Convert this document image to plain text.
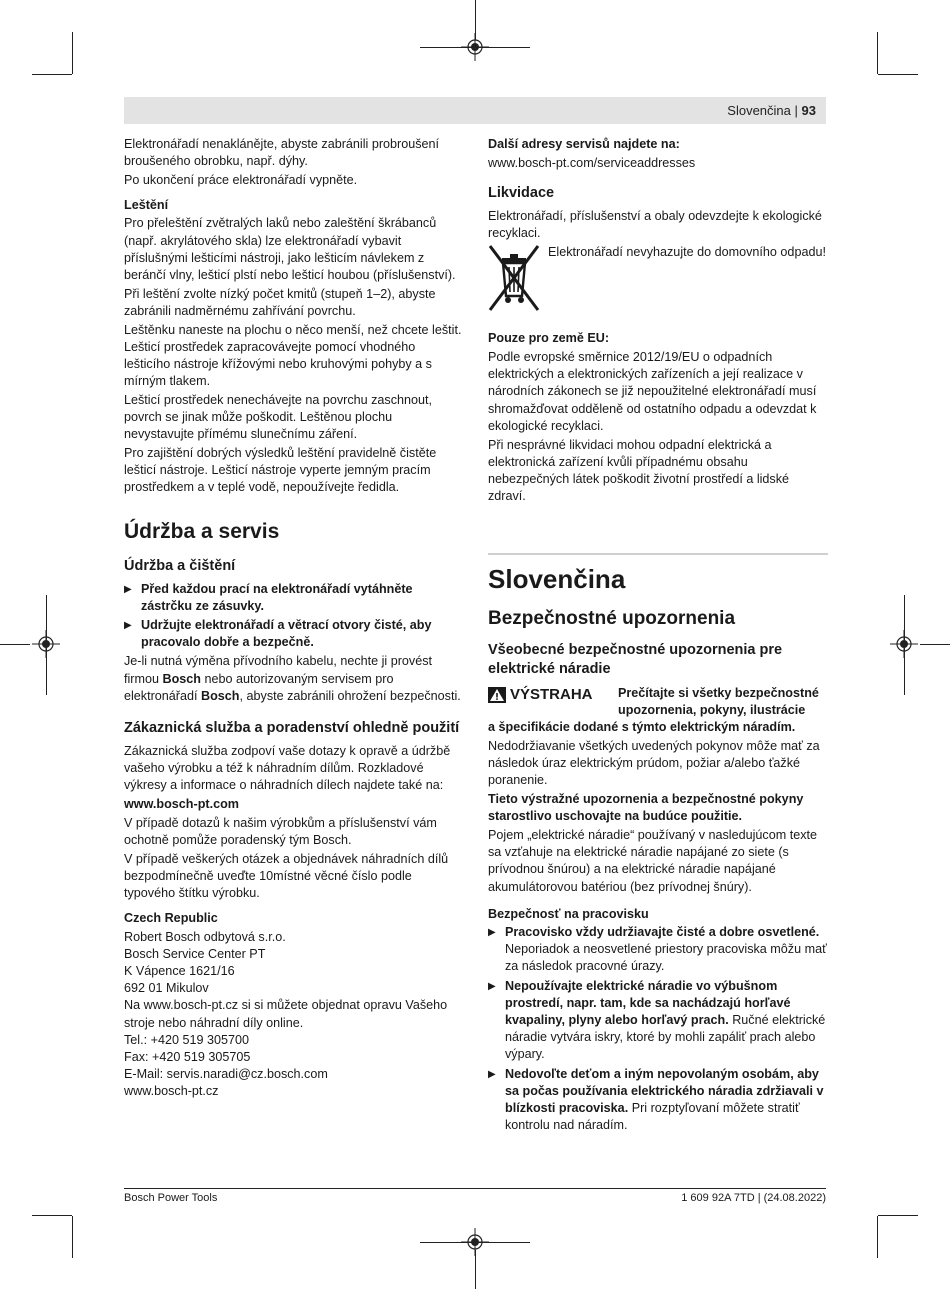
Slovenčina | 93

Elektronářadí nenaklánějte, abyste zabránili probroušení broušeného obrobku, např. dýhy.

Po ukončení práce elektronářadí vypněte.

Leštění

Pro přeleštění zvětralých laků nebo zaleštění škrábanců (např. akrylátového skla) lze elektronářadí vybavit příslušnými lešticími nástroji, jako lešticím návlekem z beránčí vlny, lešticí plstí nebo lešticí houbou (příslušenství).

Při leštění zvolte nízký počet kmitů (stupeň 1–2), abyste zabránili nadměrnému zahřívání povrchu.

Leštěnku naneste na plochu o něco menší, než chcete leštit. Lešticí prostředek zapracovávejte pomocí vhodného lešticího nástroje křížovými nebo kruhovými pohyby a s mírným tlakem.

Lešticí prostředek nenechávejte na povrchu zaschnout, povrch se jinak může poškodit. Leštěnou plochu nevystavujte přímému slunečnímu záření.

Pro zajištění dobrých výsledků leštění pravidelně čistěte lešticí nástroje. Lešticí nástroje vyperte jemným pracím prostředkem a v teplé vodě, nepoužívejte ředidla.

Údržba a servis
Údržba a čištění
▶ Před každou prací na elektronářadí vytáhněte zástrčku ze zásuvky.
▶ Udržujte elektronářadí a větrací otvory čisté, aby pracovalo dobře a bezpečně.

Je-li nutná výměna přívodního kabelu, nechte ji provést firmou Bosch nebo autorizovaným servisem pro elektronářadí Bosch, abyste zabránili ohrožení bezpečnosti.

Zákaznická služba a poradenství ohledně použití

Zákaznická služba zodpoví vaše dotazy k opravě a údržbě vašeho výrobku a též k náhradním dílům. Rozkladové výkresy a informace o náhradních dílech najdete také na:

www.bosch-pt.com

V případě dotazů k našim výrobkům a příslušenství vám ochotně pomůže poradenský tým Bosch.

V případě veškerých otázek a objednávek náhradních dílů bezpodmínečně uveďte 10místné věcné číslo podle typového štítku výrobku.

Czech Republic

Robert Bosch odbytová s.r.o.
Bosch Service Center PT
K Vápence 1621/16
692 01 Mikulov
Na www.bosch-pt.cz si si můžete objednat opravu Vašeho stroje nebo náhradní díly online.
Tel.: +420 519 305700
Fax: +420 519 305705
E-Mail: servis.naradi@cz.bosch.com
www.bosch-pt.cz

Další adresy servisů najdete na:

www.bosch-pt.com/serviceaddresses

Likvidace

Elektronářadí, příslušenství a obaly odevzdejte k ekologické recyklaci.

Elektronářadí nevyhazujte do domovního odpadu!

Pouze pro země EU:

Podle evropské směrnice 2012/19/EU o odpadních elektrických a elektronických zařízeních a její realizace v národních zákonech se již nepoužitelné elektronářadí musí shromažďovat odděleně od ostatního odpadu a odevzdat k ekologické recyklaci.

Při nesprávné likvidaci mohou odpadní elektrická a elektronická zařízení kvůli případnému obsahu nebezpečných látek poškodit životní prostředí a lidské zdraví.

Slovenčina
Bezpečnostné upozornenia
Všeobecné bezpečnostné upozornenia pre elektrické náradie
VÝSTRAHA Prečítajte si všetky bezpečnostné upozornenia, pokyny, ilustrácie

a špecifikácie dodané s týmto elektrickým náradím.

Nedodržiavanie všetkých uvedených pokynov môže mať za následok úraz elektrickým prúdom, požiar a/alebo ťažké poranenie.

Tieto výstražné upozornenia a bezpečnostné pokyny starostlivo uschovajte na budúce použitie.

Pojem „elektrické náradie“ používaný v nasledujúcom texte sa vzťahuje na elektrické náradie napájané zo siete (s prívodnou šnúrou) a na elektrické náradie napájané akumulátorovou batériou (bez prívodnej šnúry).

Bezpečnosť na pracovisku

▶ Pracovisko vždy udržiavajte čisté a dobre osvetlené. Neporiadok a neosvetlené priestory pracoviska môžu mať za následok pracovné úrazy.
▶ Nepoužívajte elektrické náradie vo výbušnom prostredí, napr. tam, kde sa nachádzajú horľavé kvapaliny, plyny alebo horľavý prach. Ručné elektrické náradie vytvára iskry, ktoré by mohli zapáliť prach alebo výpary.
▶ Nedovoľte deťom a iným nepovolaným osobám, aby sa počas používania elektrického náradia zdržiavali v blízkosti pracoviska. Pri rozptyľovaní môžete stratiť kontrolu nad náradím.
Bosch Power Tools	1 609 92A 7TD | (24.08.2022)
